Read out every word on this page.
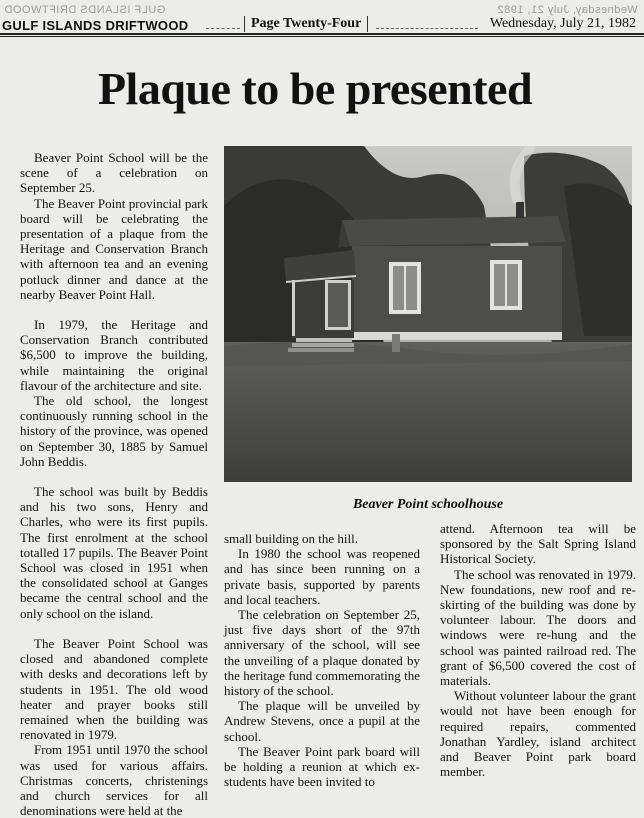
GULF ISLANDS DRIFTWOOD	Wednesday, July 21, 1982
GULF ISLANDS DRIFTWOOD	Page Twenty-Four	Wednesday, July 21, 1982
Plaque to be presented
Beaver Point schoolhouse

Beaver Point School will be the scene of a celebration on September 25.

The Beaver Point provincial park board will be celebrating the presentation of a plaque from the Heritage and Conservation Branch with afternoon tea and an evening potluck dinner and dance at the nearby Beaver Point Hall.

In 1979, the Heritage and Conservation Branch contributed $6,500 to improve the building, while maintaining the original flavour of the architecture and site.

The old school, the longest continuously running school in the history of the province, was opened on September 30, 1885 by Samuel John Beddis.

The school was built by Beddis and his two sons, Henry and Charles, who were its first pupils. The first enrolment at the school totalled 17 pupils. The Beaver Point School was closed in 1951 when the consolidated school at Ganges became the central school and the only school on the island.

The Beaver Point School was closed and abandoned complete with desks and decorations left by students in 1951. The old wood heater and prayer books still remained when the building was renovated in 1979.

From 1951 until 1970 the school was used for various affairs. Christmas concerts, christenings and church services for all denominations were held at the

small building on the hill.

In 1980 the school was reopened and has since been running on a private basis, supported by parents and local teachers.

The celebration on September 25, just five days short of the 97th anniversary of the school, will see the unveiling of a plaque donated by the heritage fund commemorating the history of the school.

The plaque will be unveiled by Andrew Stevens, once a pupil at the school.

The Beaver Point park board will be holding a reunion at which ex-students have been invited to

attend. Afternoon tea will be sponsored by the Salt Spring Island Historical Society.

The school was renovated in 1979. New foundations, new roof and re-skirting of the building was done by volunteer labour. The doors and windows were re-hung and the school was painted railroad red. The grant of $6,500 covered the cost of materials.

Without volunteer labour the grant would not have been enough for required repairs, commented Jonathan Yardley, island architect and Beaver Point park board member.
